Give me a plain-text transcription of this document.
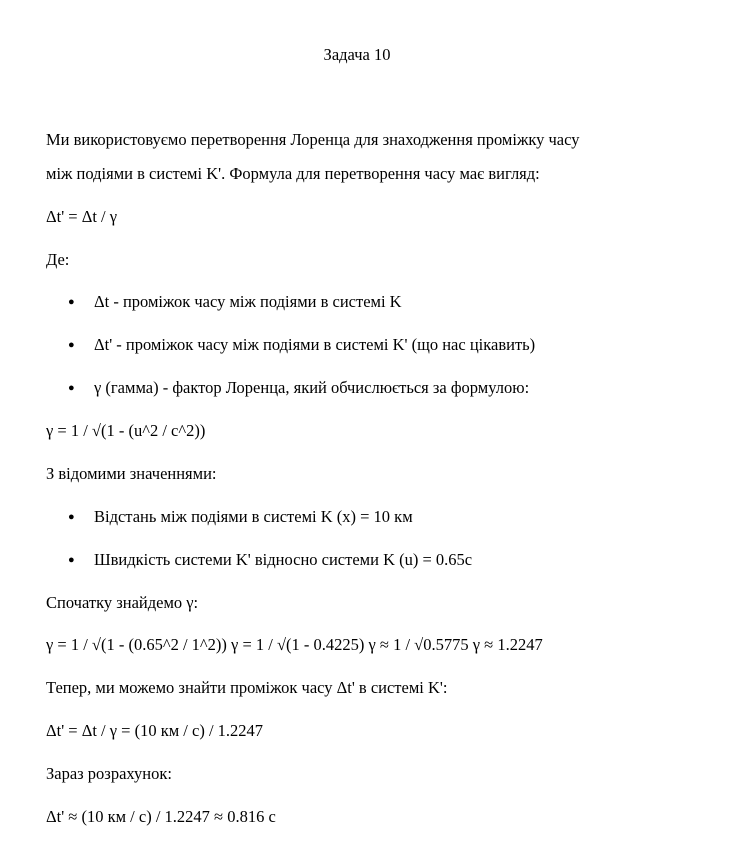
Задача 10
Ми використовуємо перетворення Лоренца для знаходження проміжку часу
між подіями в системі K'. Формула для перетворення часу має вигляд:
Δt' = Δt / γ
Де:
● Δt - проміжок часу між подіями в системі K
● Δt' - проміжок часу між подіями в системі K' (що нас цікавить)
● γ (гамма) - фактор Лоренца, який обчислюється за формулою:
γ = 1 / √(1 - (u^2 / c^2))
З відомими значеннями:
● Відстань між подіями в системі K (x) = 10 км
● Швидкість системи K' відносно системи K (u) = 0.65c
Спочатку знайдемо γ:
γ = 1 / √(1 - (0.65^2 / 1^2)) γ = 1 / √(1 - 0.4225) γ ≈ 1 / √0.5775 γ ≈ 1.2247
Тепер, ми можемо знайти проміжок часу Δt' в системі K':
Δt' = Δt / γ = (10 км / с) / 1.2247
Зараз розрахунок:
Δt' ≈ (10 км / с) / 1.2247 ≈ 0.816 с
